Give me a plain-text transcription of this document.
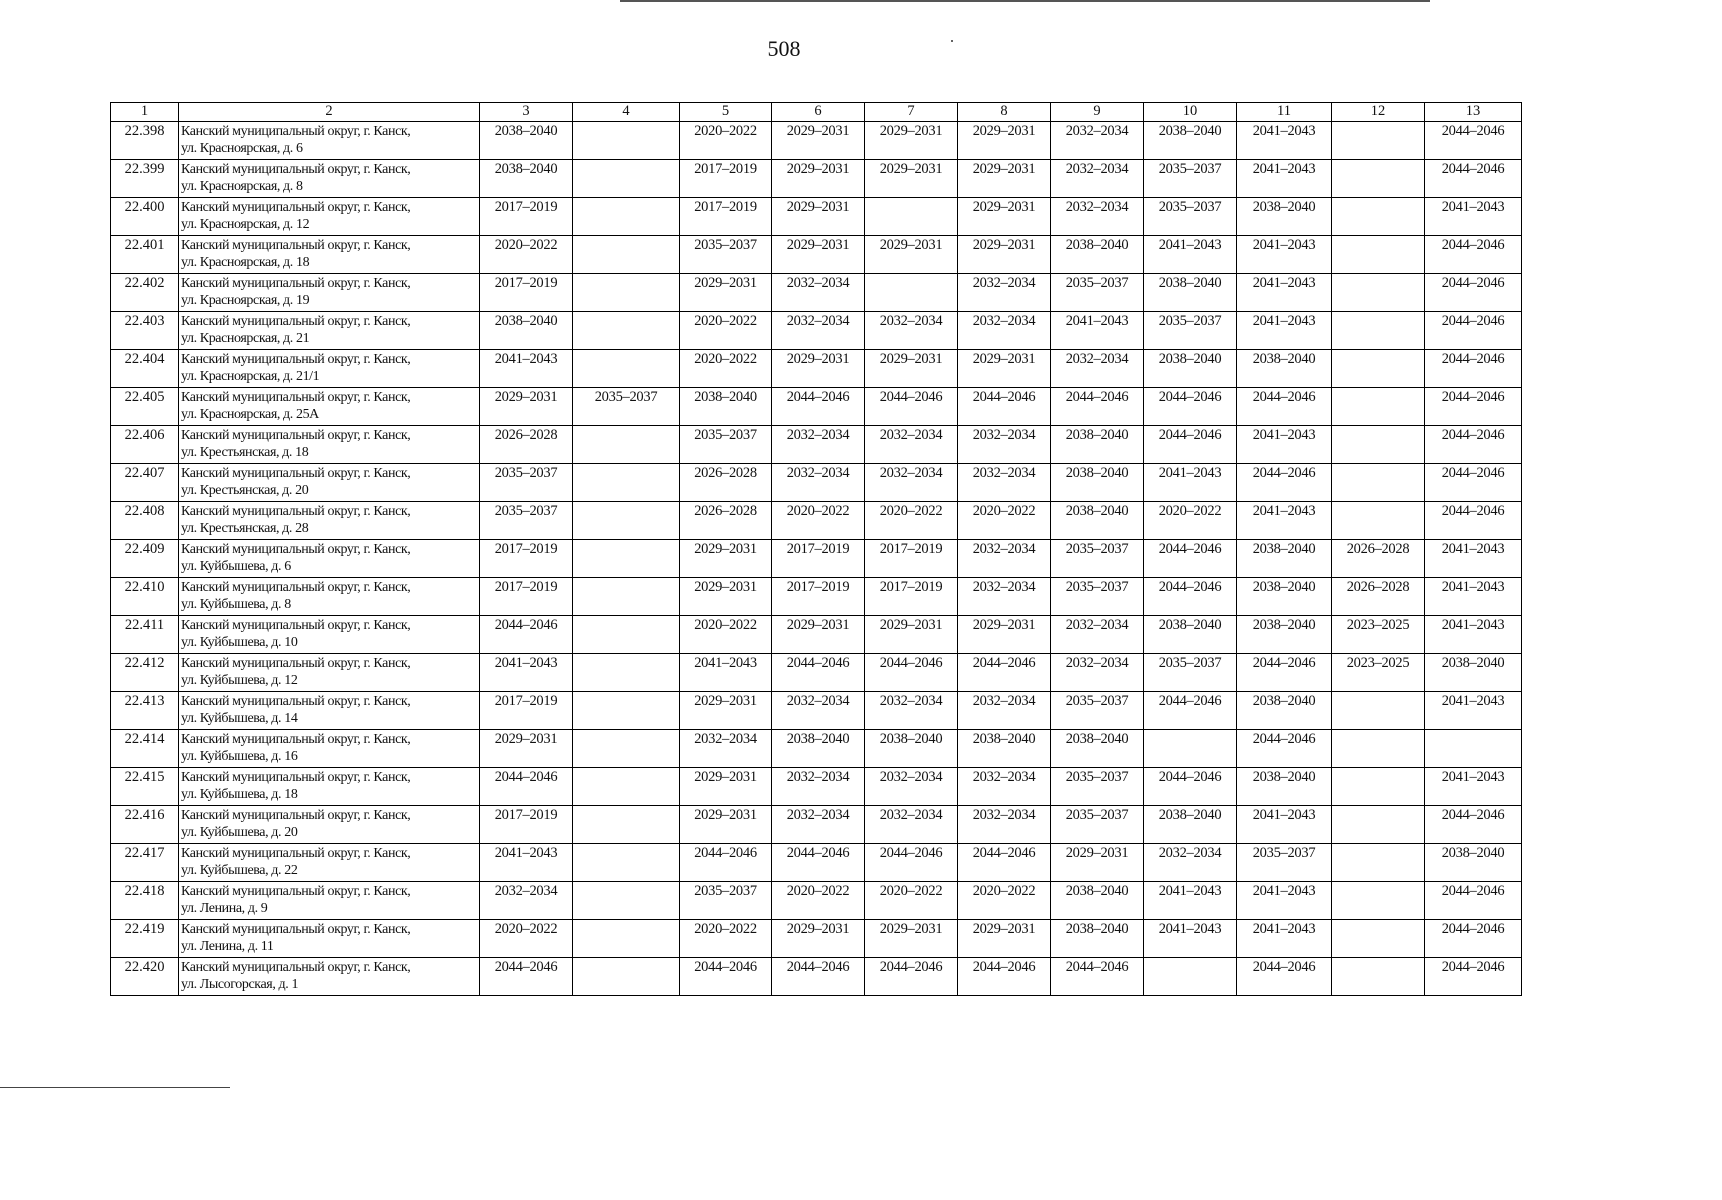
508
1	2	3	4	5	6	7	8	9	10	11	12	13
22.398	Канский муниципальный округ, г. Канск,
ул. Красноярская, д. 6	2038–2040		2020–2022	2029–2031	2029–2031	2029–2031	2032–2034	2038–2040	2041–2043		2044–2046
22.399	Канский муниципальный округ, г. Канск,
ул. Красноярская, д. 8	2038–2040		2017–2019	2029–2031	2029–2031	2029–2031	2032–2034	2035–2037	2041–2043		2044–2046
22.400	Канский муниципальный округ, г. Канск,
ул. Красноярская, д. 12	2017–2019		2017–2019	2029–2031		2029–2031	2032–2034	2035–2037	2038–2040		2041–2043
22.401	Канский муниципальный округ, г. Канск,
ул. Красноярская, д. 18	2020–2022		2035–2037	2029–2031	2029–2031	2029–2031	2038–2040	2041–2043	2041–2043		2044–2046
22.402	Канский муниципальный округ, г. Канск,
ул. Красноярская, д. 19	2017–2019		2029–2031	2032–2034		2032–2034	2035–2037	2038–2040	2041–2043		2044–2046
22.403	Канский муниципальный округ, г. Канск,
ул. Красноярская, д. 21	2038–2040		2020–2022	2032–2034	2032–2034	2032–2034	2041–2043	2035–2037	2041–2043		2044–2046
22.404	Канский муниципальный округ, г. Канск,
ул. Красноярская, д. 21/1	2041–2043		2020–2022	2029–2031	2029–2031	2029–2031	2032–2034	2038–2040	2038–2040		2044–2046
22.405	Канский муниципальный округ, г. Канск,
ул. Красноярская, д. 25А	2029–2031	2035–2037	2038–2040	2044–2046	2044–2046	2044–2046	2044–2046	2044–2046	2044–2046		2044–2046
22.406	Канский муниципальный округ, г. Канск,
ул. Крестьянская, д. 18	2026–2028		2035–2037	2032–2034	2032–2034	2032–2034	2038–2040	2044–2046	2041–2043		2044–2046
22.407	Канский муниципальный округ, г. Канск,
ул. Крестьянская, д. 20	2035–2037		2026–2028	2032–2034	2032–2034	2032–2034	2038–2040	2041–2043	2044–2046		2044–2046
22.408	Канский муниципальный округ, г. Канск,
ул. Крестьянская, д. 28	2035–2037		2026–2028	2020–2022	2020–2022	2020–2022	2038–2040	2020–2022	2041–2043		2044–2046
22.409	Канский муниципальный округ, г. Канск,
ул. Куйбышева, д. 6	2017–2019		2029–2031	2017–2019	2017–2019	2032–2034	2035–2037	2044–2046	2038–2040	2026–2028	2041–2043
22.410	Канский муниципальный округ, г. Канск,
ул. Куйбышева, д. 8	2017–2019		2029–2031	2017–2019	2017–2019	2032–2034	2035–2037	2044–2046	2038–2040	2026–2028	2041–2043
22.411	Канский муниципальный округ, г. Канск,
ул. Куйбышева, д. 10	2044–2046		2020–2022	2029–2031	2029–2031	2029–2031	2032–2034	2038–2040	2038–2040	2023–2025	2041–2043
22.412	Канский муниципальный округ, г. Канск,
ул. Куйбышева, д. 12	2041–2043		2041–2043	2044–2046	2044–2046	2044–2046	2032–2034	2035–2037	2044–2046	2023–2025	2038–2040
22.413	Канский муниципальный округ, г. Канск,
ул. Куйбышева, д. 14	2017–2019		2029–2031	2032–2034	2032–2034	2032–2034	2035–2037	2044–2046	2038–2040		2041–2043
22.414	Канский муниципальный округ, г. Канск,
ул. Куйбышева, д. 16	2029–2031		2032–2034	2038–2040	2038–2040	2038–2040	2038–2040		2044–2046		
22.415	Канский муниципальный округ, г. Канск,
ул. Куйбышева, д. 18	2044–2046		2029–2031	2032–2034	2032–2034	2032–2034	2035–2037	2044–2046	2038–2040		2041–2043
22.416	Канский муниципальный округ, г. Канск,
ул. Куйбышева, д. 20	2017–2019		2029–2031	2032–2034	2032–2034	2032–2034	2035–2037	2038–2040	2041–2043		2044–2046
22.417	Канский муниципальный округ, г. Канск,
ул. Куйбышева, д. 22	2041–2043		2044–2046	2044–2046	2044–2046	2044–2046	2029–2031	2032–2034	2035–2037		2038–2040
22.418	Канский муниципальный округ, г. Канск,
ул. Ленина, д. 9	2032–2034		2035–2037	2020–2022	2020–2022	2020–2022	2038–2040	2041–2043	2041–2043		2044–2046
22.419	Канский муниципальный округ, г. Канск,
ул. Ленина, д. 11	2020–2022		2020–2022	2029–2031	2029–2031	2029–2031	2038–2040	2041–2043	2041–2043		2044–2046
22.420	Канский муниципальный округ, г. Канск,
ул. Лысогорская, д. 1	2044–2046		2044–2046	2044–2046	2044–2046	2044–2046	2044–2046		2044–2046		2044–2046
